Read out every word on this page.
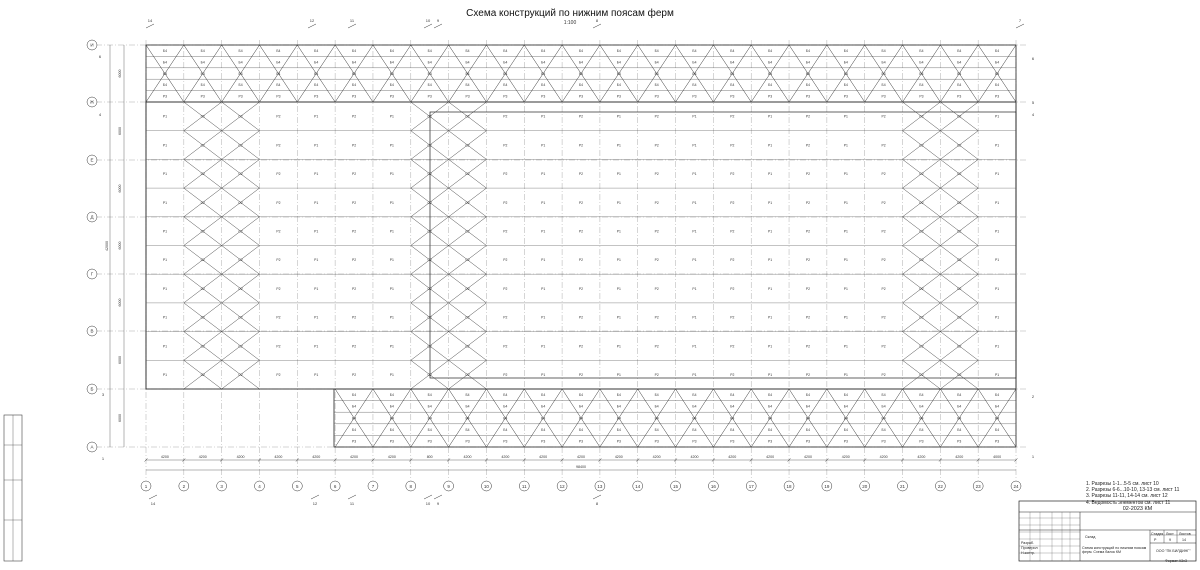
1	2	3	4	5	6	7	8	9	10	11	12	13	14	15	16	17	18	19	20	21	22	23	24
И
Ж
Е
Д
Г
В
Б
А
4200	4200	4200	4200	4200	4200	4200	800	4200	4200	4200	4200	4200	4200	4200	4200	4200	4200	4200	4200	4200	4200	4000
98400
6000
6000
6000
6000
6000
6000
6000
42000
Р1
Р1
Р1
Р1
Р1
Р1
Р1
Р1
Р1
Р1
Б4
Б4
Б4
Б4
Р3
С2
С2
С2
С2
С2
С2
С2
С2
С2
С2
Б4
Б4
Б4
Б4
Р3
С2
С2
С2
С2
С2
С2
С2
С2
С2
С2
Б4
Б4
Б4
Б4
Р3
Р2
Р2
Р2
Р2
Р2
Р2
Р2
Р2
Р2
Р2
Б4
Б4
Б4
Б4
Р3
Р1
Р1
Р1
Р1
Р1
Р1
Р1
Р1
Р1
Р1
Б4
Б4
Б4
Б4
Р3
Р2
Р2
Р2
Р2
Р2
Р2
Р2
Р2
Р2
Р2
Б4
Б4
Б4
Б4
Б4
Б4
Б4
Б4
Р3
Р3
Р1
Р1
Р1
Р1
Р1
Р1
Р1
Р1
Р1
Р1
Б4
Б4
Б4
Б4
Б4
Б4
Б4
Б4
Р3
Р3
С2
С2
С2
С2
С2
С2
С2
С2
С2
С2
Б4
Б4
Б4
Б4
Б4
Б4
Б4
Б4
Р3
Р3
С2
С2
С2
С2
С2
С2
С2
С2
С2
С2
Б4
Б4
Б4
Б4
Б4
Б4
Б4
Б4
Р3
Р3
Р2
Р2
Р2
Р2
Р2
Р2
Р2
Р2
Р2
Р2
Б4
Б4
Б4
Б4
Б4
Б4
Б4
Б4
Р3
Р3
Р1
Р1
Р1
Р1
Р1
Р1
Р1
Р1
Р1
Р1
Б4
Б4
Б4
Б4
Б4
Б4
Б4
Б4
Р3
Р3
Р2
Р2
Р2
Р2
Р2
Р2
Р2
Р2
Р2
Р2
Б4
Б4
Б4
Б4
Б4
Б4
Б4
Б4
Р3
Р3
Р1
Р1
Р1
Р1
Р1
Р1
Р1
Р1
Р1
Р1
Б4
Б4
Б4
Б4
Б4
Б4
Б4
Б4
Р3
Р3
Р2
Р2
Р2
Р2
Р2
Р2
Р2
Р2
Р2
Р2
Б4
Б4
Б4
Б4
Б4
Б4
Б4
Б4
Р3
Р3
Р1
Р1
Р1
Р1
Р1
Р1
Р1
Р1
Р1
Р1
Б4
Б4
Б4
Б4
Б4
Б4
Б4
Б4
Р3
Р3
Р2
Р2
Р2
Р2
Р2
Р2
Р2
Р2
Р2
Р2
Б4
Б4
Б4
Б4
Б4
Б4
Б4
Б4
Р3
Р3
Р1
Р1
Р1
Р1
Р1
Р1
Р1
Р1
Р1
Р1
Б4
Б4
Б4
Б4
Б4
Б4
Б4
Б4
Р3
Р3
Р2
Р2
Р2
Р2
Р2
Р2
Р2
Р2
Р2
Р2
Б4
Б4
Б4
Б4
Б4
Б4
Б4
Б4
Р3
Р3
Р1
Р1
Р1
Р1
Р1
Р1
Р1
Р1
Р1
Р1
Б4
Б4
Б4
Б4
Б4
Б4
Б4
Б4
Р3
Р3
Р2
Р2
Р2
Р2
Р2
Р2
Р2
Р2
Р2
Р2
Б4
Б4
Б4
Б4
Б4
Б4
Б4
Б4
Р3
Р3
С2
С2
С2
С2
С2
С2
С2
С2
С2
С2
Б4
Б4
Б4
Б4
Б4
Б4
Б4
Б4
Р3
Р3
С2
С2
С2
С2
С2
С2
С2
С2
С2
С2
Б4
Б4
Б4
Б4
Б4
Б4
Б4
Б4
Р3
Р3
Р1
Р1
Р1
Р1
Р1
Р1
Р1
Р1
Р1
Р1
Б4
Б4
Б4
Б4
Б4
Б4
Б4
Б4
Р3
Р3
14	12	11	10 9	8	7
14	12	11	10 9	8
6
4
3
1
6
5
4
2
1
Схема конструкций по нижним поясам ферм
1:100
1. Разрезы 1-1...5-5 см. лист 10
2. Разрезы 6-6...10-10, 13-13 см. лист 11
3. Разрезы 11-11, 14-14 см. лист 12
4. Ведомость элементов см. лист 11
02-2023 КМ
Склад
Схема конструкций по нижним поясам ферм. Схема балок КМ
Стадия Лист Листов
Р	9	14
ООО "ПК БИЛДИНГ"
Разраб.
Проверил
Н.контр.
Формат А3х3
